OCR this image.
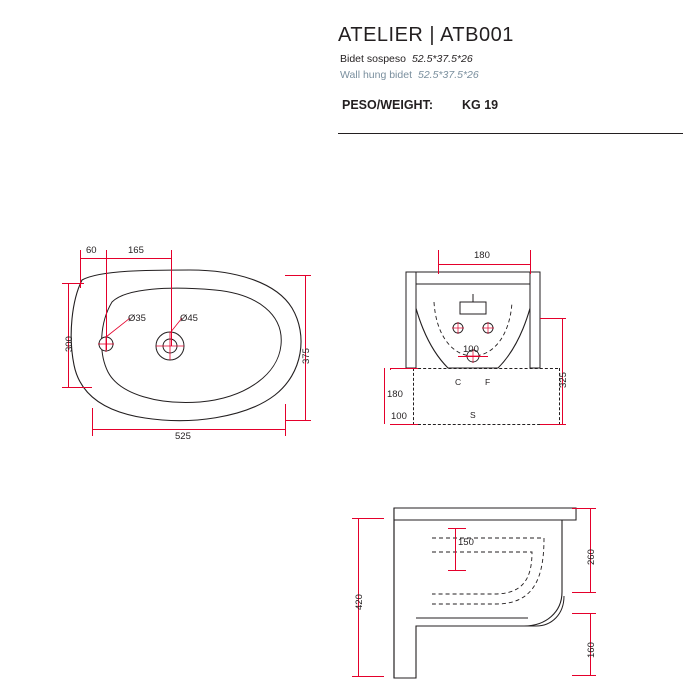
ATELIER | ATB001
Bidet sospeso 52.5*37.5*26
Wall hung bidet 52.5*37.5*26
PESO/WEIGHT: KG 19
Ø35	Ø45
60	165
300
375
525
180
100
C	F
S
180
100
325
150
260
160
420
